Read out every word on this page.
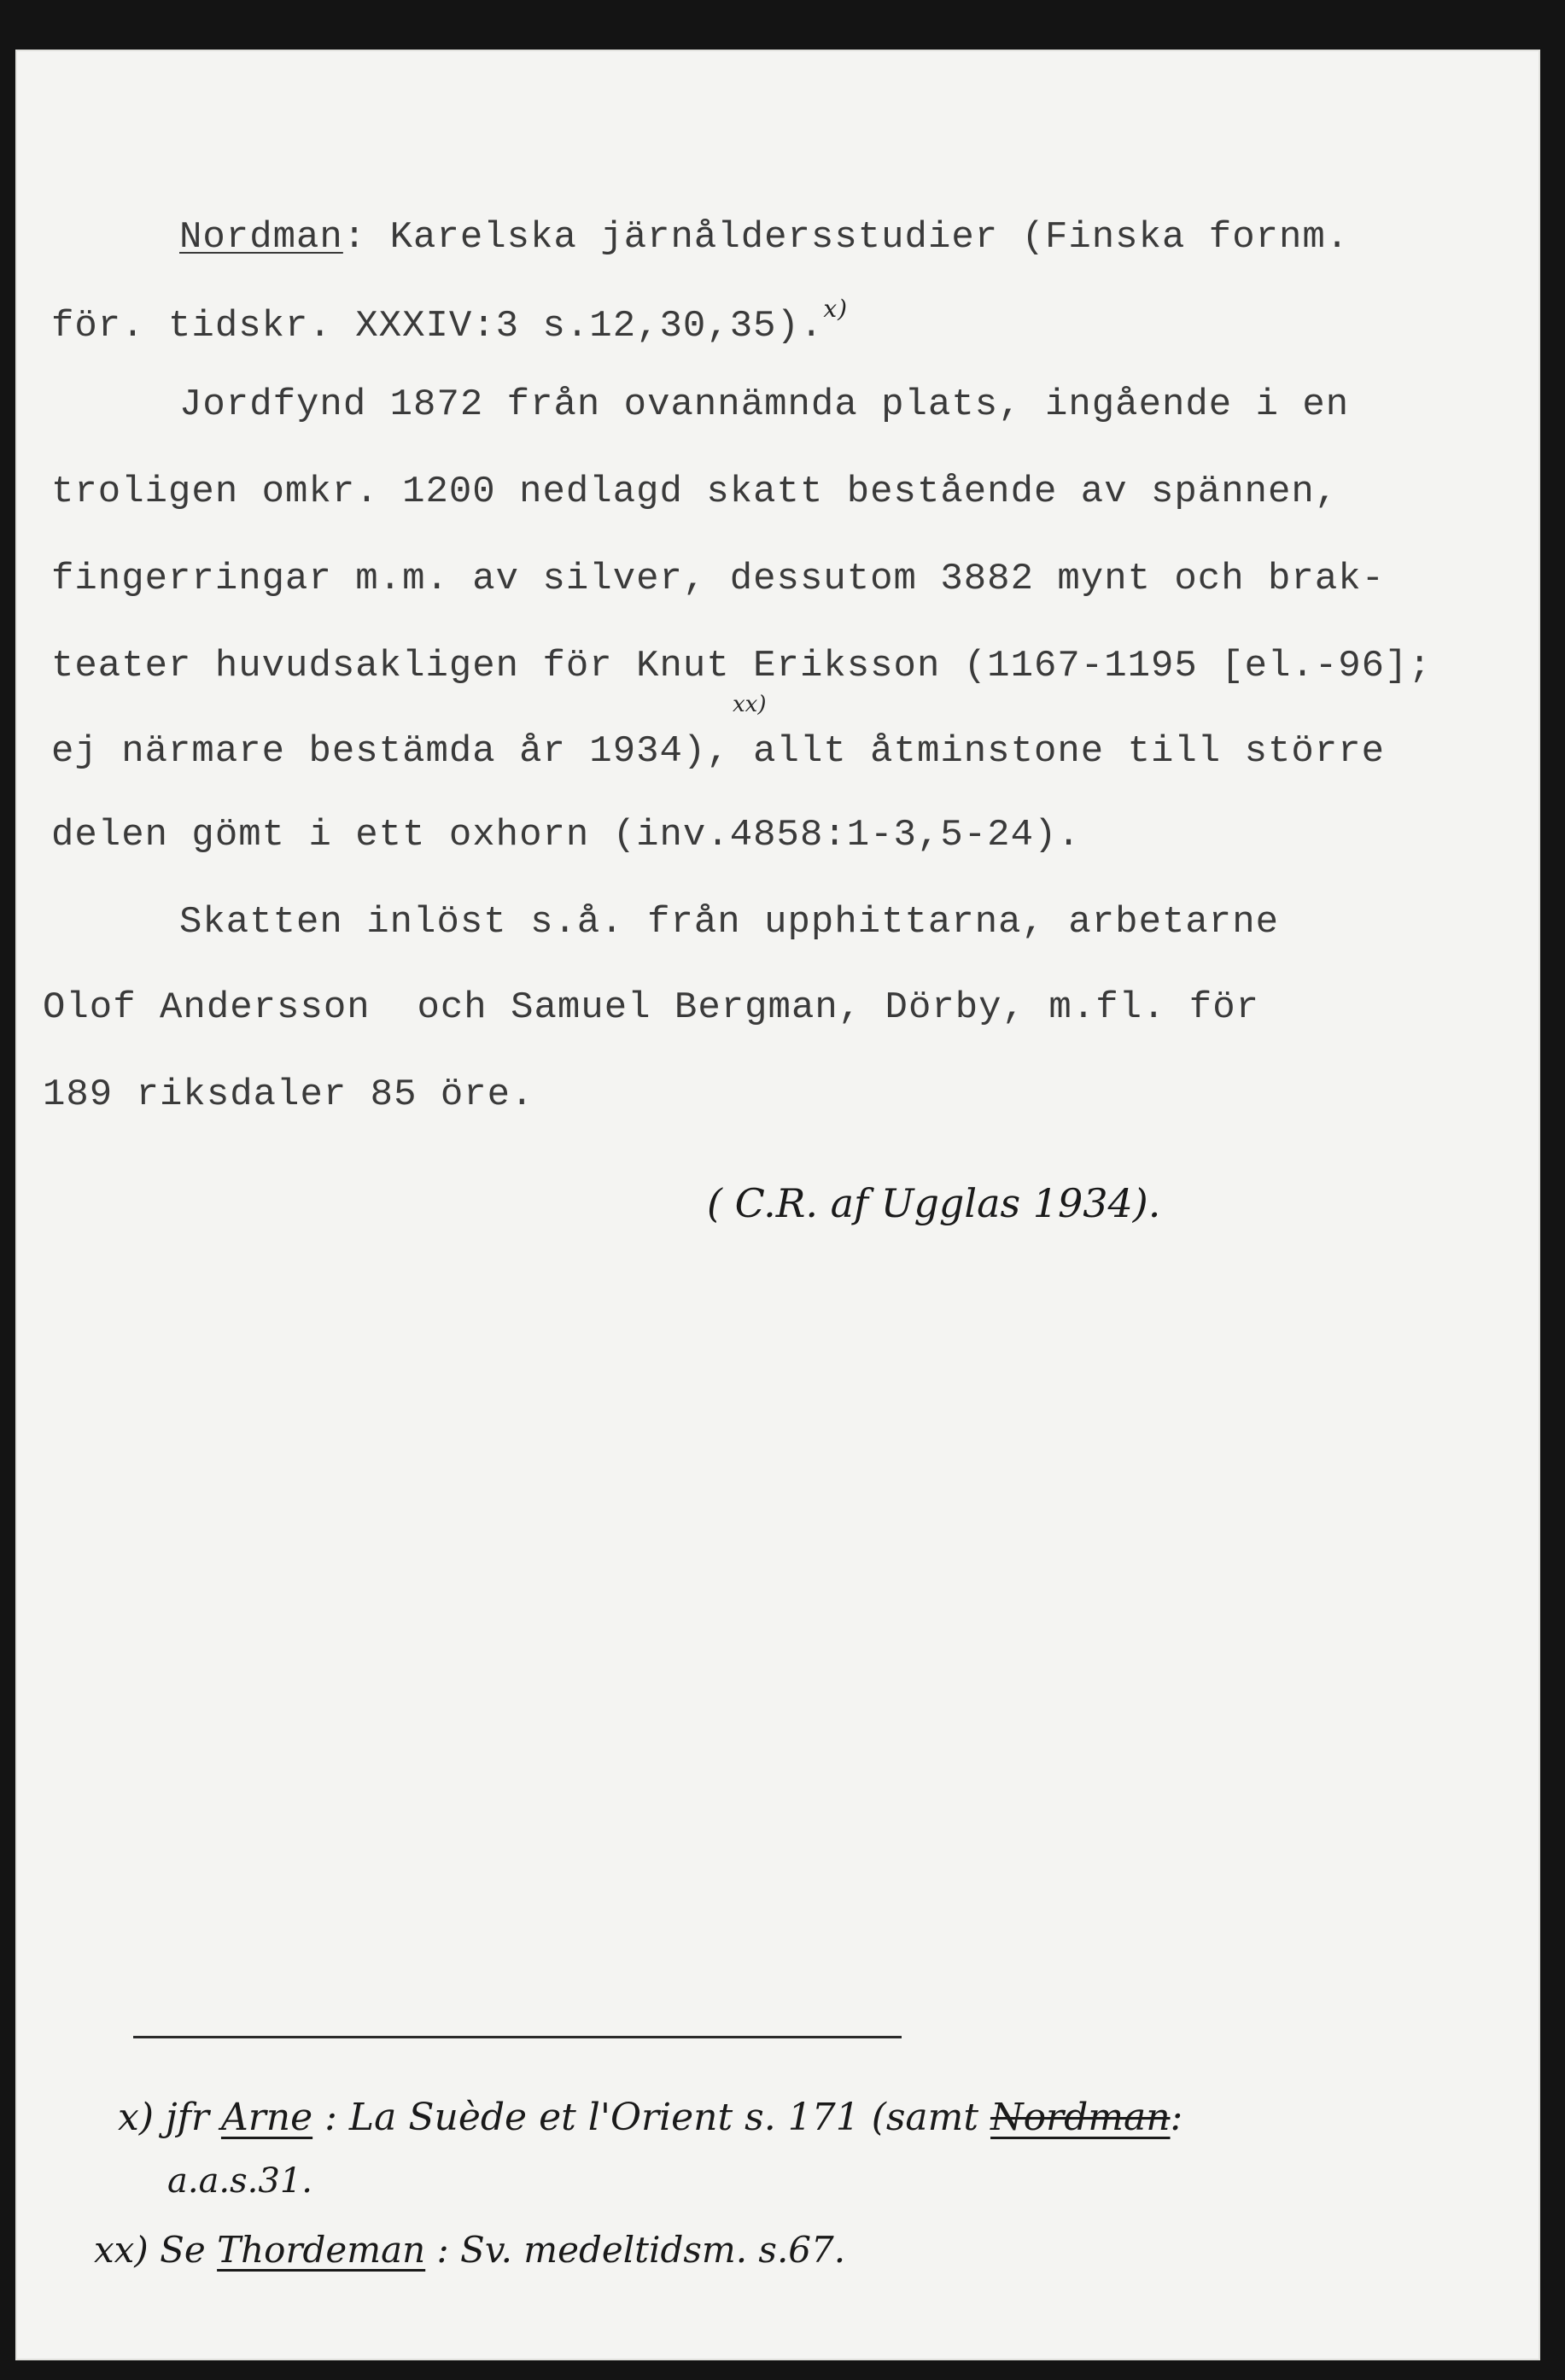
Nordman: Karelska järnåldersstudier (Finska fornm.
för. tidskr. XXXIV:3 s.12,30,35).$^{x)}$
Jordfynd 1872 från ovannämnda plats, ingående i en
troligen omkr. 1200 nedlagd skatt bestående av spännen,
fingerringar m.m. av silver, dessutom 3882 mynt och brak-
teater huvudsakligen för Knut Eriksson (1167-1195 [el.-96];
xx)
ej närmare bestämda år 1934), allt åtminstone till större
delen gömt i ett oxhorn (inv.4858:1-3,5-24).
Skatten inlöst s.å. från upphittarna, arbetarne
Olof Andersson  och Samuel Bergman, Dörby, m.fl. för
189 riksdaler 85 öre.
( C.R. af Ugglas 1934).
x) jfr Arne : La Suède et l'Orient s. 171 (samt Nordman:
a.a.s.31.
xx) Se Thordeman : Sv. medeltidsm. s.67.
